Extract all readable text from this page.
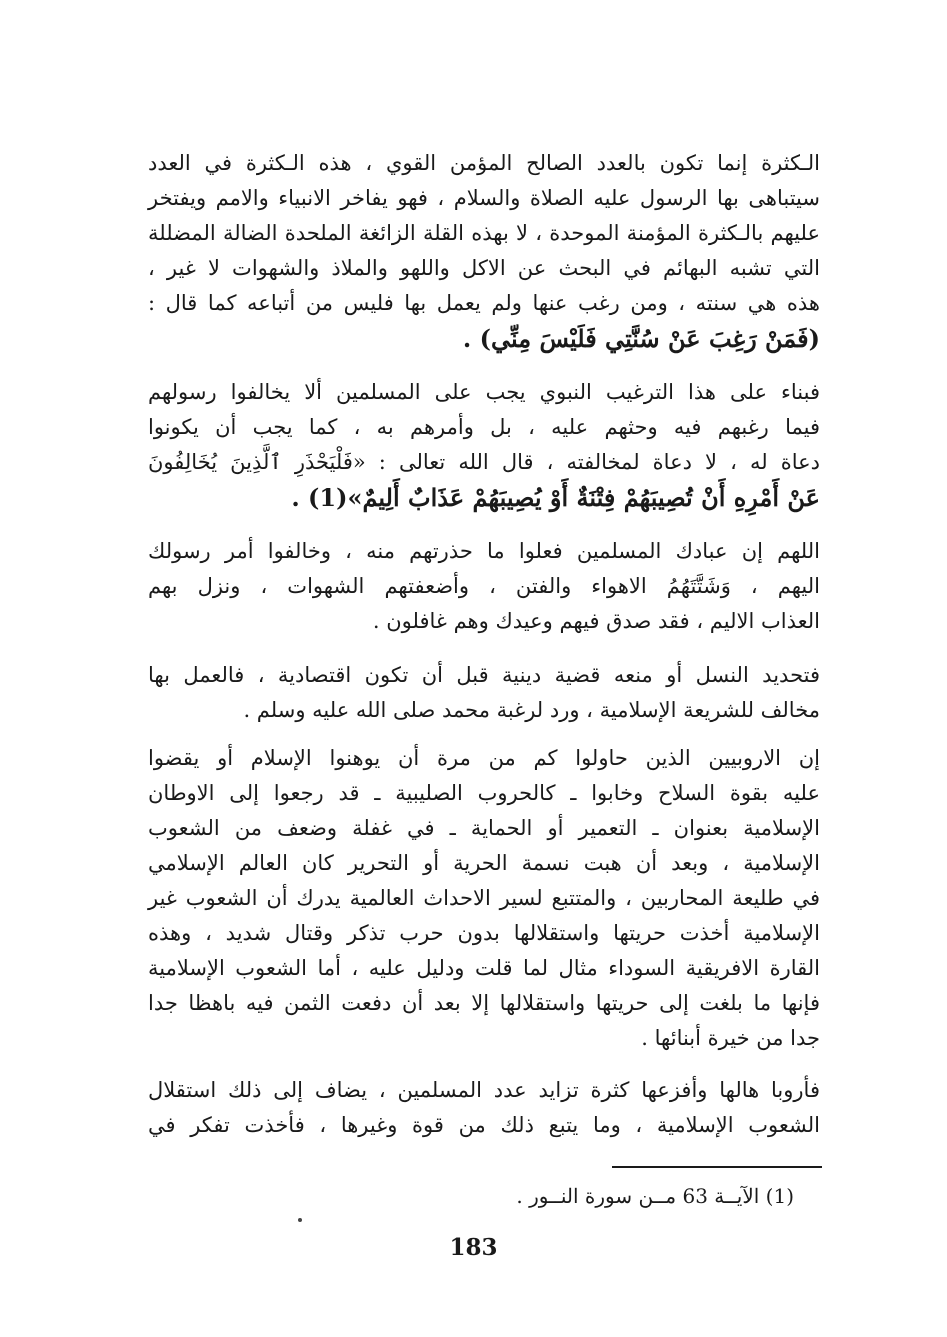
الـكثرة إنما تكون بالعدد الصالح المؤمن القوي ، هذه الـكثرة في العدد
سيتباهى بها الرسول عليه الصلاة والسلام ، فهو يفاخر الانبياء والامم ويفتخر
عليهم بالـكثرة المؤمنة الموحدة ، لا بهذه القلة الزائغة الملحدة الضالة المضللة
التي تشبه البهائم في البحث عن الاكل واللهو والملاذ والشهوات لا غير ،
هذه هي سنته ، ومن رغب عنها ولم يعمل بها فليس من أتباعه كما قال :
(فَمَنْ رَغِبَ عَنْ سُنَّتِي فَلَيْسَ مِنِّي) .

فبناء على هذا الترغيب النبوي يجب على المسلمين ألا يخالفوا رسولهم
فيما رغبهم فيه وحثهم عليه ، بل وأمرهم به ، كما يجب أن يكونوا
دعاة له ، لا دعاة لمخالفته ، قال الله تعالى : «فَلْيَحْذَرِ ٱلَّذِينَ يُخَالِفُونَ
عَنْ أَمْرِهِ أَنْ تُصِيبَهُمْ فِتْنَةٌ أَوْ يُصِيبَهُمْ عَذَابٌ أَلِيمٌ»(1) .

اللهم إن عبادك المسلمين فعلوا ما حذرتهم منه ، وخالفوا أمر رسولك
اليهم ، وَشَتَّتَهُمُ الاهواء والفتن ، وأضعفتهم الشهوات ، ونزل بهم
العذاب الاليم ، فقد صدق فيهم وعيدك وهم غافلون .

فتحديد النسل أو منعه قضية دينية قبل أن تكون اقتصادية ، فالعمل بها
مخالف للشريعة الإسلامية ، ورد لرغبة محمد صلى الله عليه وسلم .

إن الاروبيين الذين حاولوا كم من مرة أن يوهنوا الإسلام أو يقضوا
عليه بقوة السلاح وخابوا ـ كالحروب الصليبية ـ قد رجعوا إلى الاوطان
الإسلامية بعنوان ـ التعمير أو الحماية ـ في غفلة وضعف من الشعوب
الإسلامية ، وبعد أن هبت نسمة الحرية أو التحرير كان العالم الإسلامي
في طليعة المحاربين ، والمتتبع لسير الاحداث العالمية يدرك أن الشعوب غير
الإسلامية أخذت حريتها واستقلالها بدون حرب تذكر وقتال شديد ، وهذه
القارة الافريقية السوداء مثال لما قلت ودليل عليه ، أما الشعوب الإسلامية
فإنها ما بلغت إلى حريتها واستقلالها إلا بعد أن دفعت الثمن فيه باهظا جدا
جدا من خيرة أبنائها .

فأروبا هالها وأفزعها كثرة تزايد عدد المسلمين ، يضاف إلى ذلك استقلال
الشعوب الإسلامية ، وما يتبع ذلك من قوة وغيرها ، فأخذت تفكر في

(1) الآيــة 63 مــن سورة النــور .
183
